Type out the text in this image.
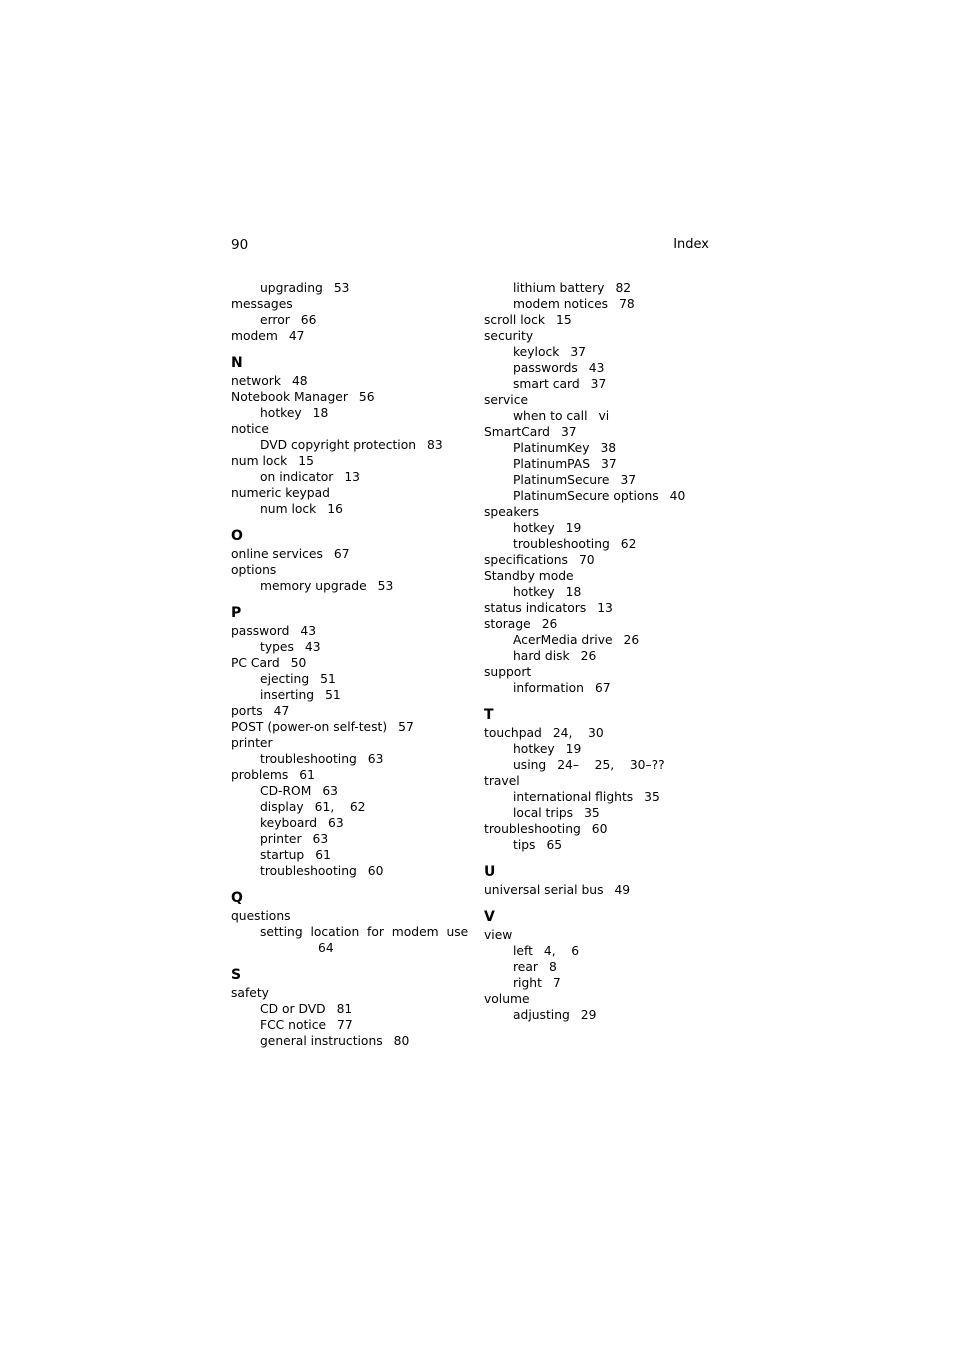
90	Index
upgrading 53
messages
error 66
modem 47
N
network 48
Notebook Manager 56
hotkey 18
notice
DVD copyright protection 83
num lock 15
on indicator 13
numeric keypad
num lock 16
O
online services 67
options
memory upgrade 53
P
password 43
types 43
PC Card 50
ejecting 51
inserting 51
ports 47
POST (power-on self-test) 57
printer
troubleshooting 63
problems 61
CD-ROM 63
display 61,    62
keyboard 63
printer 63
startup 61
troubleshooting 60
Q
questions
setting  location  for  modem  use
64
S
safety
CD or DVD 81
FCC notice 77
general instructions 80
lithium battery 82
modem notices 78
scroll lock 15
security
keylock 37
passwords 43
smart card 37
service
when to call vi
SmartCard 37
PlatinumKey 38
PlatinumPAS 37
PlatinumSecure 37
PlatinumSecure options 40
speakers
hotkey 19
troubleshooting 62
specifications 70
Standby mode
hotkey 18
status indicators 13
storage 26
AcerMedia drive 26
hard disk 26
support
information 67
T
touchpad 24,    30
hotkey 19
using 24–    25,    30–??
travel
international flights 35
local trips 35
troubleshooting 60
tips 65
U
universal serial bus 49
V
view
left 4,    6
rear 8
right 7
volume
adjusting 29
